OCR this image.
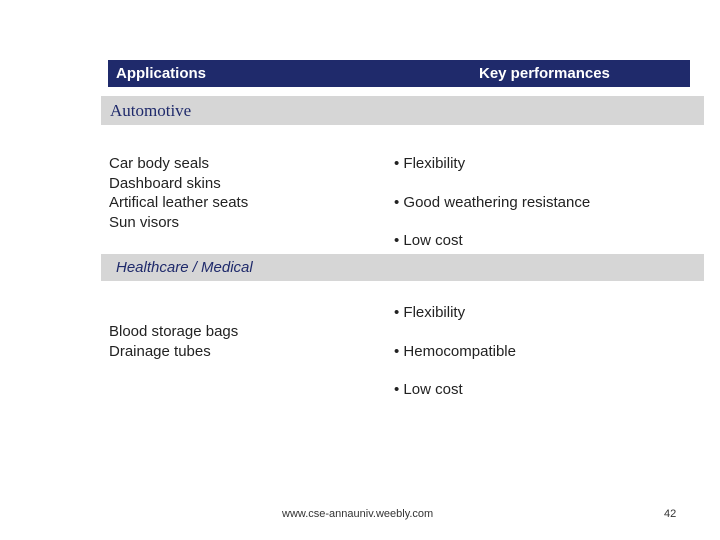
Applications	Key performances
Automotive
Car body seals
Dashboard skins
Artifical leather seats
Sun visors
• Flexibility
• Good weathering resistance
• Low cost
Healthcare / Medical
Blood storage bags
Drainage tubes
• Flexibility
• Hemocompatible
• Low cost
www.cse-annauniv.weebly.com	42
